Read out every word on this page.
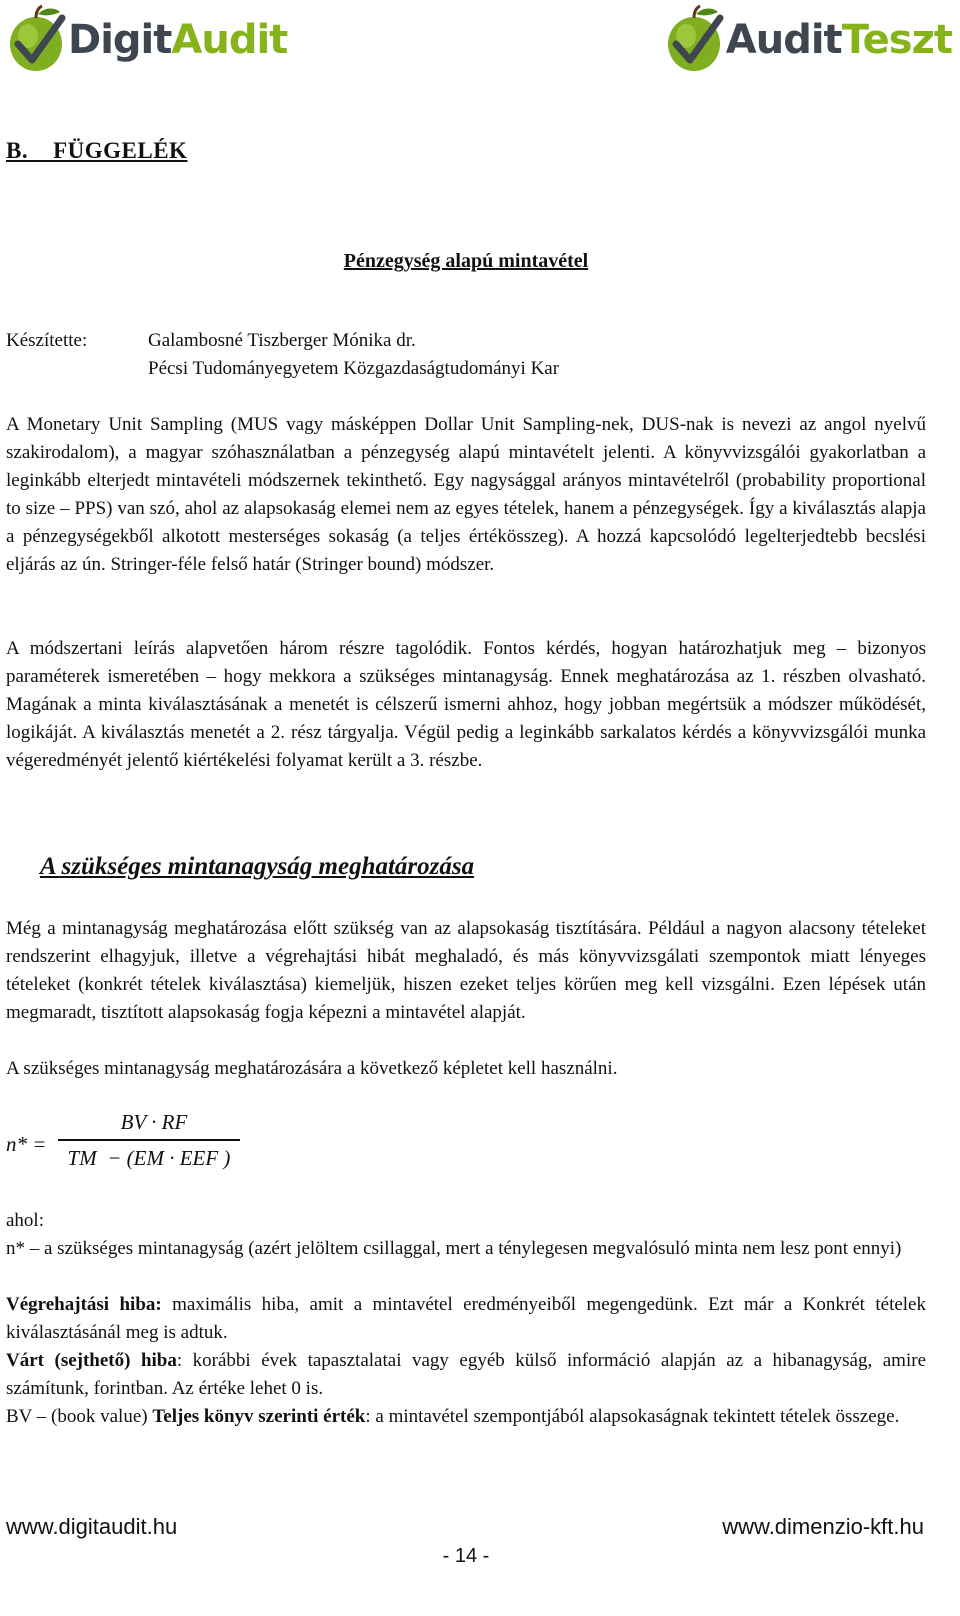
DigitAudit	AuditTeszt
B.    FÜGGELÉK
Pénzegység alapú mintavétel
Készítette:	Galambosné Tiszberger Mónika dr.
Pécsi Tudományegyetem Közgazdaságtudományi Kar

A Monetary Unit Sampling (MUS vagy másképpen Dollar Unit Sampling-nek, DUS-nak is nevezi az angol nyelvű szakirodalom), a magyar szóhasználatban a pénzegység alapú mintavételt jelenti. A könyvvizsgálói gyakorlatban a leginkább elterjedt mintavételi módszernek tekinthető. Egy nagysággal arányos mintavételről (probability proportional to size – PPS) van szó, ahol az alapsokaság elemei nem az egyes tételek, hanem a pénzegységek. Így a kiválasztás alapja a pénzegységekből alkotott mesterséges sokaság (a teljes értékösszeg). A hozzá kapcsolódó legelterjedtebb becslési eljárás az ún. Stringer-féle felső határ (Stringer bound) módszer.

A módszertani leírás alapvetően három részre tagolódik. Fontos kérdés, hogyan határozhatjuk meg – bizonyos paraméterek ismeretében – hogy mekkora a szükséges mintanagyság. Ennek meghatározása az 1. részben olvasható. Magának a minta kiválasztásának a menetét is célszerű ismerni ahhoz, hogy jobban megértsük a módszer működését, logikáját. A kiválasztás menetét a 2. rész tárgyalja. Végül pedig a leginkább sarkalatos kérdés a könyvvizsgálói munka végeredményét jelentő kiértékelési folyamat került a 3. részbe.

A szükséges mintanagyság meghatározása

Még a mintanagyság meghatározása előtt szükség van az alapsokaság tisztítására. Például a nagyon alacsony tételeket rendszerint elhagyjuk, illetve a végrehajtási hibát meghaladó, és más könyvvizsgálati szempontok miatt lényeges tételeket (konkrét tételek kiválasztása) kiemeljük, hiszen ezeket teljes körűen meg kell vizsgálni. Ezen lépések után megmaradt, tisztított alapsokaság fogja képezni a mintavétel alapját.

A szükséges mintanagyság meghatározására a következő képletet kell használni.

n* =
BV · RF
TM  − (EM · EEF )

ahol:

n* – a szükséges mintanagyság (azért jelöltem csillaggal, mert a ténylegesen megvalósuló minta nem lesz pont ennyi)

Végrehajtási hiba: maximális hiba, amit a mintavétel eredményeiből megengedünk. Ezt már a Konkrét tételek kiválasztásánál meg is adtuk.

Várt (sejthető) hiba: korábbi évek tapasztalatai vagy egyéb külső információ alapján az a hibanagyság, amire számítunk, forintban. Az értéke lehet 0 is.

BV – (book value) Teljes könyv szerinti érték: a mintavétel szempontjából alapsokaságnak tekintett tételek összege.

www.digitaudit.hu	www.dimenzio-kft.hu
- 14 -
